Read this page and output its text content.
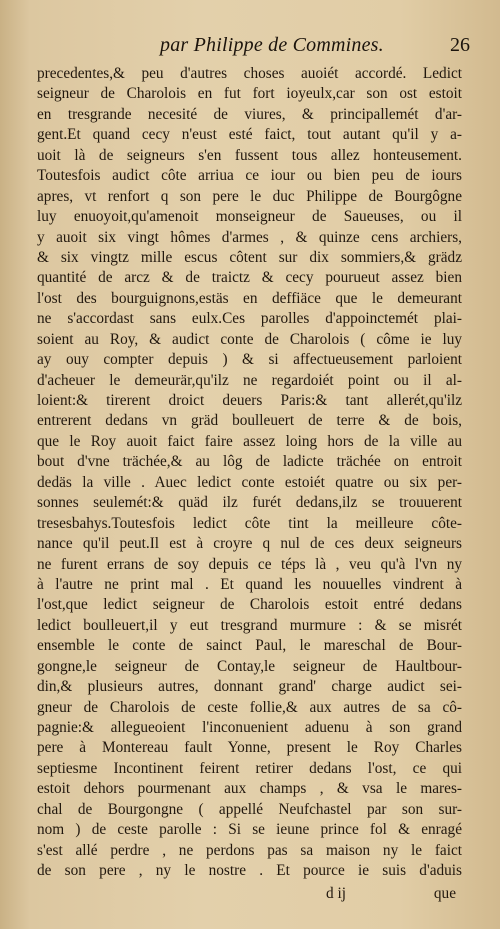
par Philippe de Commines.	26
precedentes,& peu d'autres choses auoiét accordé. Ledict
seigneur de Charolois en fut fort ioyeulx,car son ost estoit
en tresgrande necesité de viures, & principallemét d'ar-
gent.Et quand cecy n'eust esté faict, tout autant qu'il y a-
uoit là de seigneurs s'en fussent tous allez honteusement.
Toutesfois audict côte arriua ce iour ou bien peu de iours
apres, vt renfort q son pere le duc Philippe de Bourgôgne
luy enuoyoit,qu'amenoit monseigneur de Saueuses, ou il
y auoit six vingt hômes d'armes , & quinze cens archiers,
& six vingtz mille escus côtent sur dix sommiers,& grädz
quantité de arcz & de traictz & cecy pourueut assez bien
l'ost des bourguignons,estäs en deffiäce que le demeurant
ne s'accordast sans eulx.Ces parolles d'appoinctemét plai-
soient au Roy, & audict conte de Charolois ( côme ie luy
ay ouy compter depuis ) & si affectueusement parloient
d'acheuer le demeurär,qu'ilz ne regardoiét point ou il al-
loient:& tirerent droict deuers Paris:& tant allerét,qu'ilz
entrerent dedans vn gräd boulleuert de terre & de bois,
que le Roy auoit faict faire assez loing hors de la ville au
bout d'vne trächée,& au lôg de ladicte trächée on entroit
dedäs la ville . Auec ledict conte estoiét quatre ou six per-
sonnes seulemét:& quäd ilz furét dedans,ilz se trouuerent
tresesbahys.Toutesfois ledict côte tint la meilleure côte-
nance qu'il peut.Il est à croyre q nul de ces deux seigneurs
ne furent errans de soy depuis ce téps là , veu qu'à l'vn ny
à l'autre ne print mal . Et quand les nouuelles vindrent à
l'ost,que ledict seigneur de Charolois estoit entré dedans
ledict boulleuert,il y eut tresgrand murmure : & se misrét
ensemble le conte de sainct Paul, le mareschal de Bour-
gongne,le seigneur de Contay,le seigneur de Haultbour-
din,& plusieurs autres, donnant grand' charge audict sei-
gneur de Charolois de ceste follie,& aux autres de sa cô-
pagnie:& allegueoient l'inconuenient aduenu à son grand
pere à Montereau fault Yonne, present le Roy Charles
septiesme Incontinent feirent retirer dedans l'ost, ce qui
estoit dehors pourmenant aux champs , & vsa le mares-
chal de Bourgongne ( appellé Neufchastel par son sur-
nom ) de ceste parolle : Si se ieune prince fol & enragé
s'est allé perdre , ne perdons pas sa maison ny le faict
de son pere , ny le nostre . Et pource ie suis d'aduis
d ij	que
